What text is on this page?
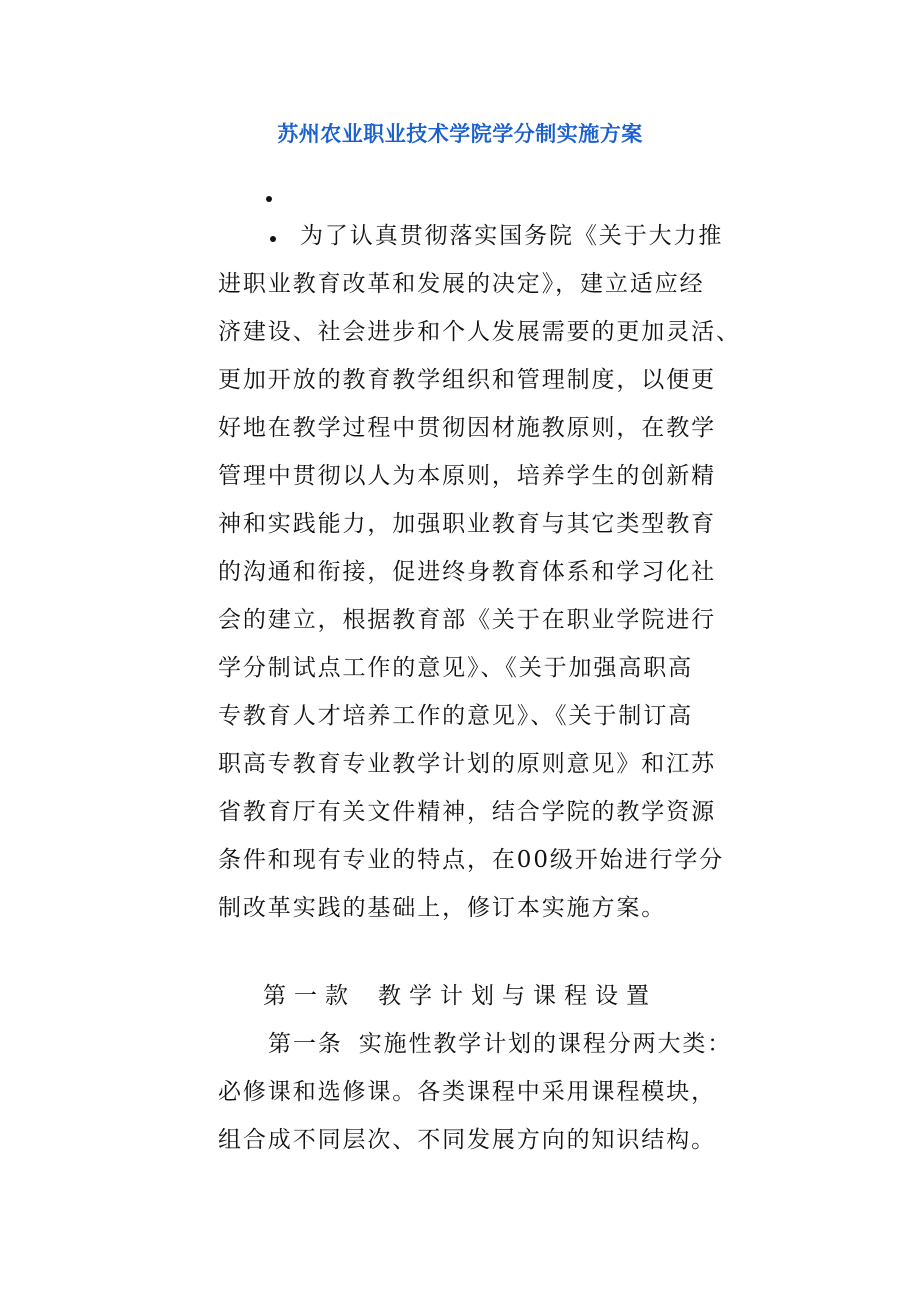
苏州农业职业技术学院学分制实施方案
为了认真贯彻落实国务院《关于大力推
进职业教育改革和发展的决定》，建立适应经
济建设、社会进步和个人发展需要的更加灵活、
更加开放的教育教学组织和管理制度，以便更
好地在教学过程中贯彻因材施教原则，在教学
管理中贯彻以人为本原则，培养学生的创新精
神和实践能力，加强职业教育与其它类型教育
的沟通和衔接，促进终身教育体系和学习化社
会的建立，根据教育部《关于在职业学院进行
学分制试点工作的意见》、《关于加强高职高
专教育人才培养工作的意见》、《关于制订高
职高专教育专业教学计划的原则意见》和江苏
省教育厅有关文件精神，结合学院的教学资源
条件和现有专业的特点，在00级开始进行学分
制改革实践的基础上，修订本实施方案。
第一款 教学计划与课程设置
第一条 实施性教学计划的课程分两大类：
必修课和选修课。各类课程中采用课程模块，
组合成不同层次、不同发展方向的知识结构。
